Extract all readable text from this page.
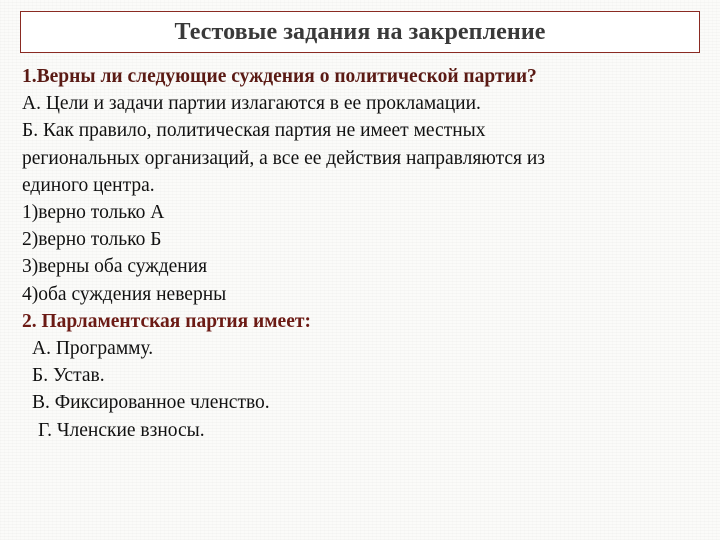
Тестовые задания на закрепление
1.Верны ли следующие суждения о политической партии?
А. Цели и задачи партии излагаются в ее прокламации.
Б. Как правило, политическая партия не имеет местных
региональных организаций, а все ее действия направляются из
единого центра.
1)верно только А
2)верно только Б
3)верны оба суждения
4)оба суждения неверны
2. Парламентская партия имеет:
А. Программу.
Б. Устав.
В. Фиксированное членство.
Г. Членские взносы.
